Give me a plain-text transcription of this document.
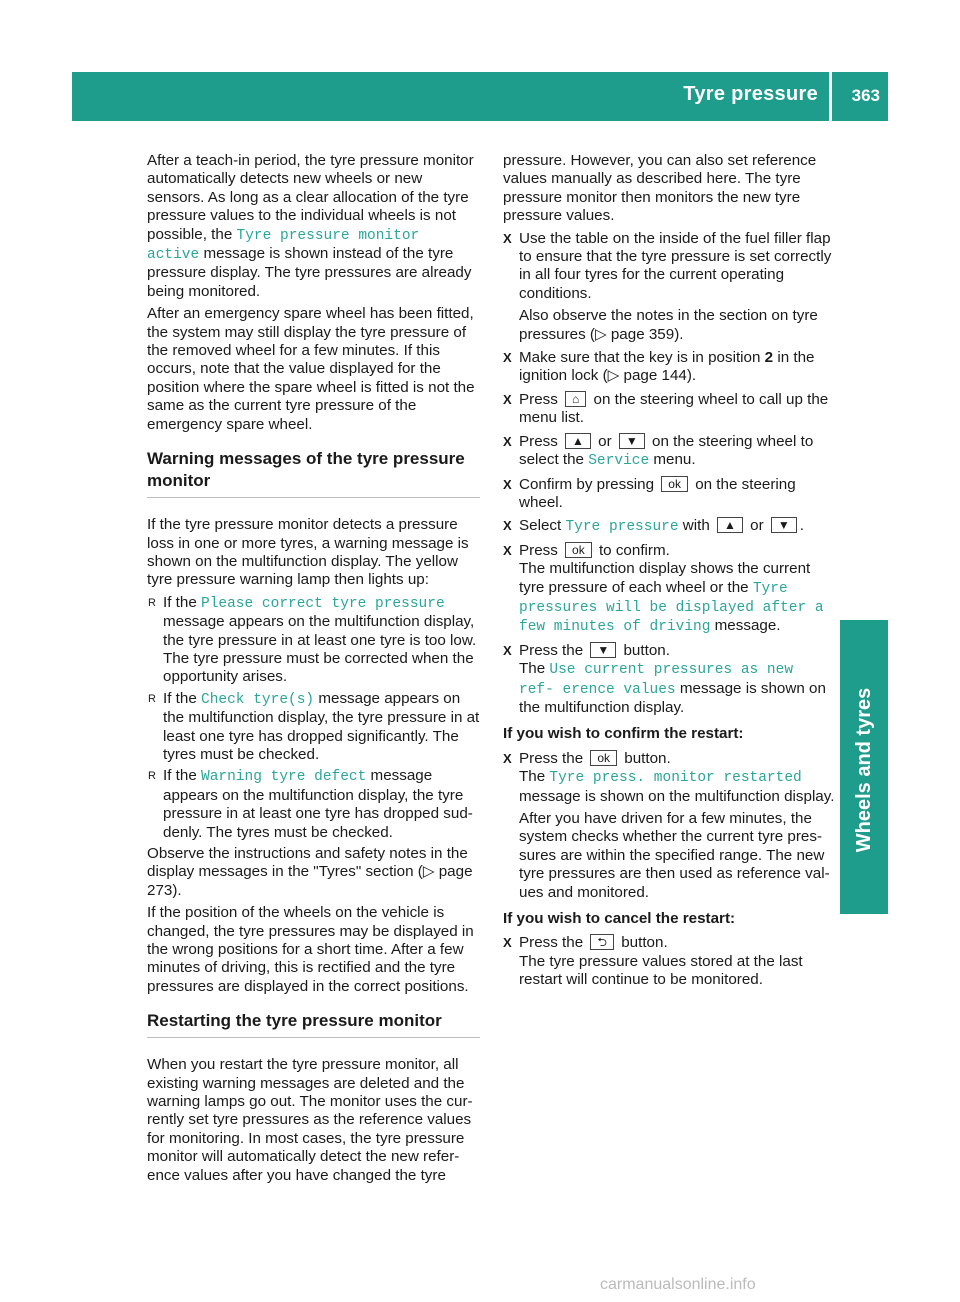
Tyre pressure 363
Wheels and tyres

After a teach-in period, the tyre pressure monitor automatically detects new wheels or new sensors. As long as a clear allocation of the tyre pressure values to the individual wheels is not possible, the Tyre pressure monitor active message is shown instead of the tyre pressure display. The tyre pressures are already being monitored.

After an emergency spare wheel has been fitted, the system may still display the tyre pressure of the removed wheel for a few minutes. If this occurs, note that the value displayed for the position where the spare wheel is fitted is not the same as the current tyre pressure of the emergency spare wheel.

Warning messages of the tyre pressure monitor

If the tyre pressure monitor detects a pressure loss in one or more tyres, a warning message is shown on the multifunction display. The yellow tyre pressure warning lamp then lights up:

R If the Please correct tyre pressure message appears on the multifunction display, the tyre pressure in at least one tyre is too low. The tyre pressure must be corrected when the opportunity arises.
R If the Check tyre(s) message appears on the multifunction display, the tyre pressure in at least one tyre has dropped significantly. The tyres must be checked.
R If the Warning tyre defect message appears on the multifunction display, the tyre pressure in at least one tyre has dropped suddenly. The tyres must be checked.

Observe the instructions and safety notes in the display messages in the "Tyres" section (▷ page 273).

If the position of the wheels on the vehicle is changed, the tyre pressures may be displayed in the wrong positions for a short time. After a few minutes of driving, this is rectified and the tyre pressures are displayed in the correct positions.

Restarting the tyre pressure monitor

When you restart the tyre pressure monitor, all existing warning messages are deleted and the warning lamps go out. The monitor uses the currently set tyre pressures as the reference values for monitoring. In most cases, the tyre pressure monitor will automatically detect the new reference values after you have changed the tyre

pressure. However, you can also set reference values manually as described here. The tyre pressure monitor then monitors the new tyre pressure values.

X Use the table on the inside of the fuel filler flap to ensure that the tyre pressure is set correctly in all four tyres for the current operating conditions.
Also observe the notes in the section on tyre pressures (▷ page 359).
X Make sure that the key is in position 2 in the ignition lock (▷ page 144).
X Press ⌂ on the steering wheel to call up the menu list.
X Press ▲ or ▼ on the steering wheel to select the Service menu.
X Confirm by pressing ok on the steering wheel.
X Select Tyre pressure with ▲ or ▼ .
X Press ok to confirm.
The multifunction display shows the current tyre pressure of each wheel or the Tyre pressures will be displayed after a few minutes of driving message.
X Press the ▼ button.
The Use current pressures as new ref‐ erence values message is shown on the multifunction display.
If you wish to confirm the restart:
X Press the ok button.
The Tyre press. monitor restarted message is shown on the multifunction display.
After you have driven for a few minutes, the system checks whether the current tyre pressures are within the specified range. The new tyre pressures are then used as reference values and monitored.
If you wish to cancel the restart:
X Press the ⮌ button.
The tyre pressure values stored at the last restart will continue to be monitored.
carmanualsonline.info
